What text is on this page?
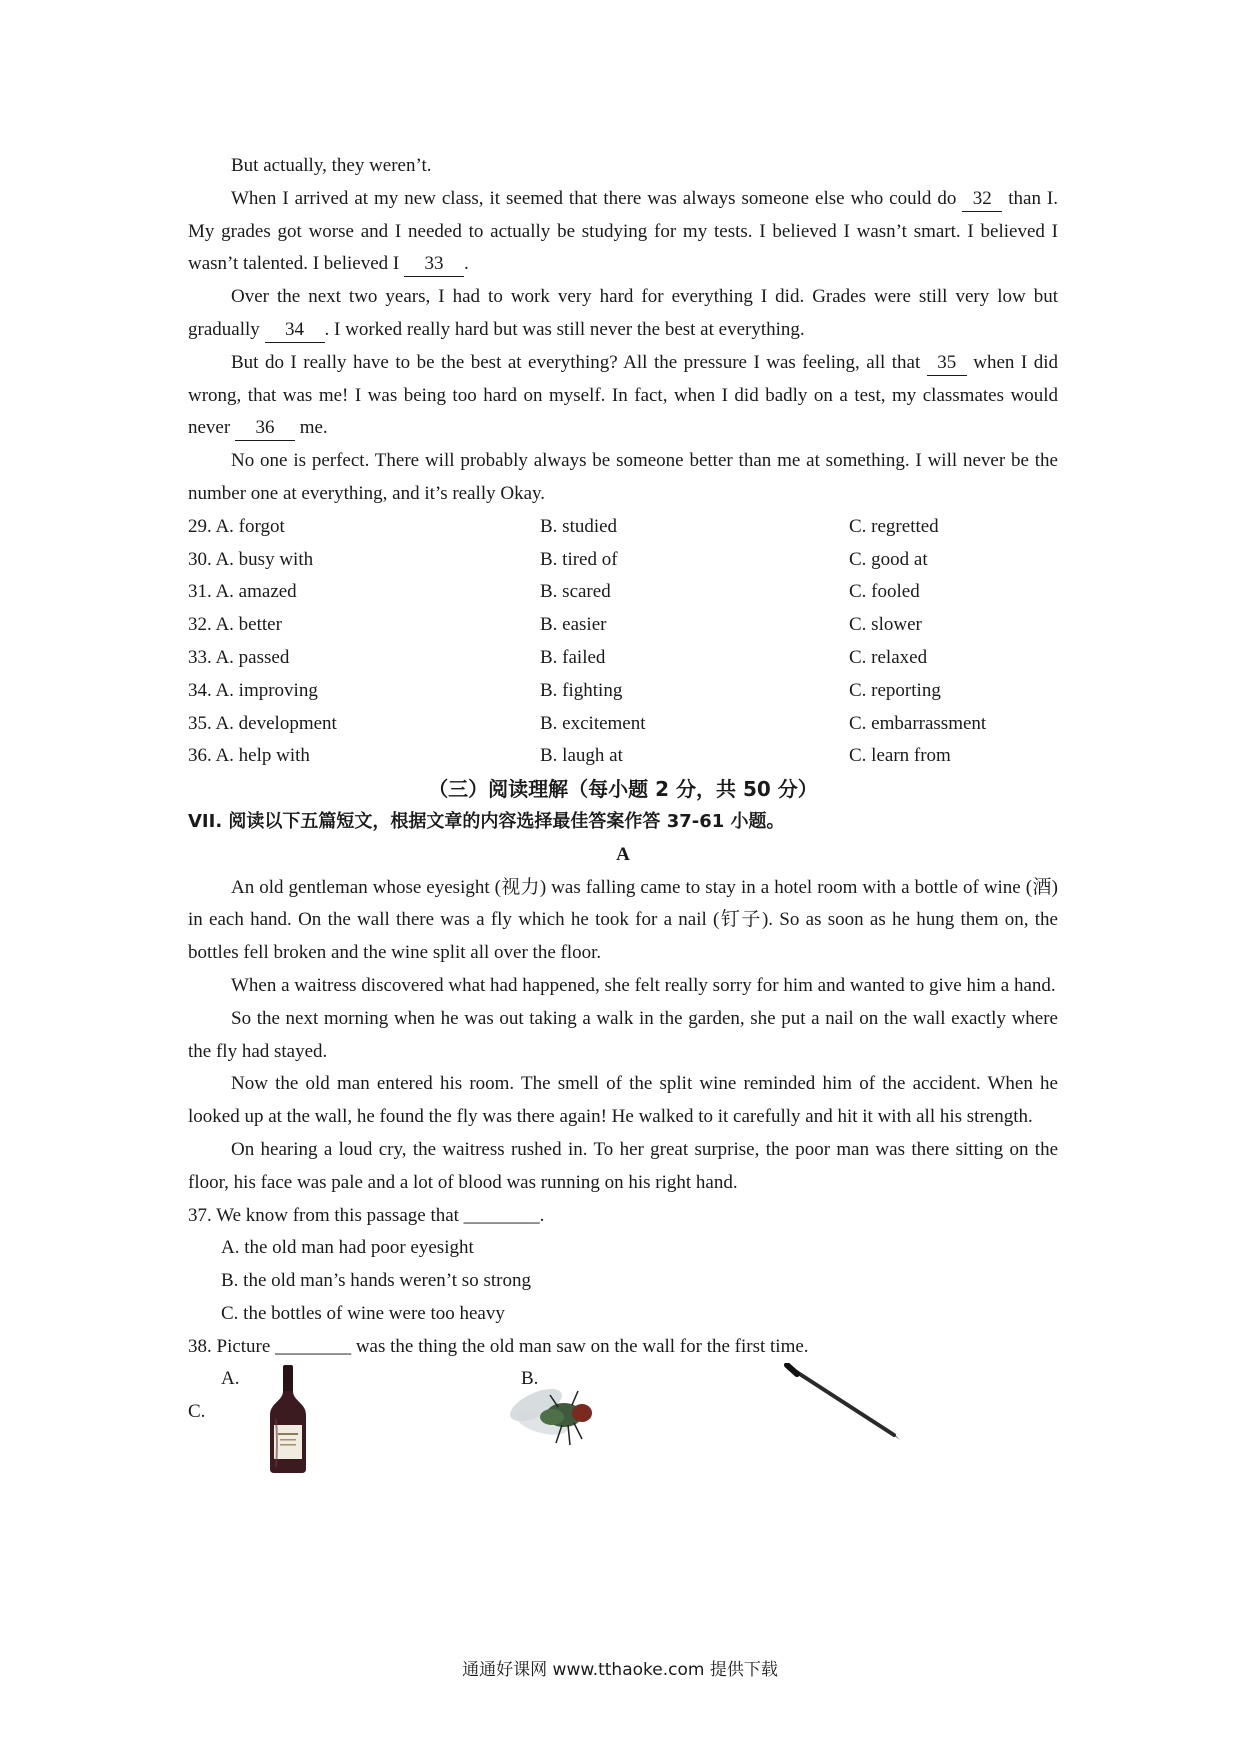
But actually, they weren’t.

When I arrived at my new class, it seemed that there was always someone else who could do 32 than I. My grades got worse and I needed to actually be studying for my tests. I believed I wasn’t smart. I believed I wasn’t talented. I believed I 33 .

Over the next two years, I had to work very hard for everything I did. Grades were still very low but gradually 34 . I worked really hard but was still never the best at everything.

But do I really have to be the best at everything? All the pressure I was feeling, all that 35 when I did wrong, that was me! I was being too hard on myself. In fact, when I did badly on a test, my classmates would never 36 me.

No one is perfect. There will probably always be someone better than me at something. I will never be the number one at everything, and it’s really Okay.

29. A. forgot	B. studied	C. regretted
30. A. busy with	B. tired of	C. good at
31. A. amazed	B. scared	C. fooled
32. A. better	B. easier	C. slower
33. A. passed	B. failed	C. relaxed
34. A. improving	B. fighting	C. reporting
35. A. development	B. excitement	C. embarrassment
36. A. help with	B. laugh at	C. learn from

（三）阅读理解（每小题 2 分，共 50 分）

VII. 阅读以下五篇短文，根据文章的内容选择最佳答案作答 37-61 小题。

A

An old gentleman whose eyesight (视力) was falling came to stay in a hotel room with a bottle of wine (酒) in each hand. On the wall there was a fly which he took for a nail (钉子). So as soon as he hung them on, the bottles fell broken and the wine split all over the floor.

When a waitress discovered what had happened, she felt really sorry for him and wanted to give him a hand.

So the next morning when he was out taking a walk in the garden, she put a nail on the wall exactly where the fly had stayed.

Now the old man entered his room. The smell of the split wine reminded him of the accident. When he looked up at the wall, he found the fly was there again! He walked to it carefully and hit it with all his strength.

On hearing a loud cry, the waitress rushed in. To her great surprise, the poor man was there sitting on the floor, his face was pale and a lot of blood was running on his right hand.

37. We know from this passage that ________.

A. the old man had poor eyesight

B. the old man’s hands weren’t so strong

C. the bottles of wine were too heavy

38. Picture ________ was the thing the old man saw on the wall for the first time.

A.
C.
B.
通通好课网 www.tthaoke.com 提供下载
